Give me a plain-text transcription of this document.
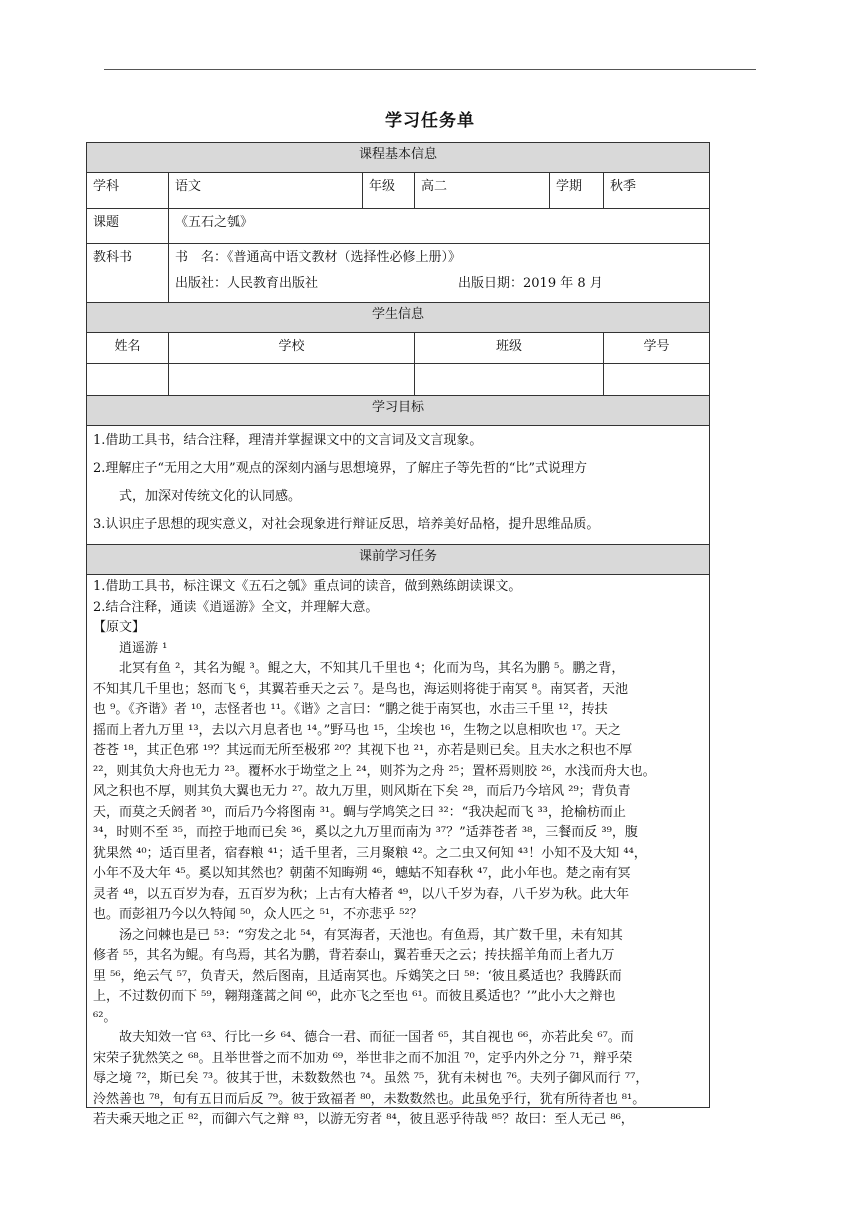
学习任务单
课程基本信息
学科	语文	年级	高二	学期	秋季
课题	《五石之瓠》
教科书	书　名：《普通高中语文教材（选择性必修上册）》
出版社：人民教育出版社	出版日期：2019 年 8 月
学生信息
姓名	学校	班级	学号
学习目标

1.借助工具书，结合注释，理清并掌握课文中的文言词及文言现象。

2.理解庄子“无用之大用”观点的深刻内涵与思想境界，了解庄子等先哲的“比”式说理方

式，加深对传统文化的认同感。

3.认识庄子思想的现实意义，对社会现象进行辩证反思，培养美好品格，提升思维品质。

课前学习任务

1.借助工具书，标注课文《五石之瓠》重点词的读音，做到熟练朗读课文。

2.结合注释，通读《逍遥游》全文，并理解大意。

【原文】

逍遥游 ¹

北冥有鱼 ²，其名为鲲 ³。鲲之大，不知其几千里也 ⁴；化而为鸟，其名为鹏 ⁵。鹏之背，

不知其几千里也；怒而飞 ⁶，其翼若垂天之云 ⁷。是鸟也，海运则将徙于南冥 ⁸。南冥者，天池

也 ⁹。《齐谐》者 ¹⁰，志怪者也 ¹¹。《谐》之言曰：“鹏之徙于南冥也，水击三千里 ¹²，抟扶

摇而上者九万里 ¹³，去以六月息者也 ¹⁴。”野马也 ¹⁵，尘埃也 ¹⁶，生物之以息相吹也 ¹⁷。天之

苍苍 ¹⁸，其正色邪 ¹⁹？其远而无所至极邪 ²⁰？其视下也 ²¹，亦若是则已矣。且夫水之积也不厚

²²，则其负大舟也无力 ²³。覆杯水于坳堂之上 ²⁴，则芥为之舟 ²⁵；置杯焉则胶 ²⁶，水浅而舟大也。

风之积也不厚，则其负大翼也无力 ²⁷。故九万里，则风斯在下矣 ²⁸，而后乃今培风 ²⁹；背负青

天，而莫之夭阏者 ³⁰，而后乃今将图南 ³¹。蜩与学鸠笑之曰 ³²：“我决起而飞 ³³，抢榆枋而止

³⁴，时则不至 ³⁵，而控于地而已矣 ³⁶，奚以之九万里而南为 ³⁷？”适莽苍者 ³⁸，三餐而反 ³⁹，腹

犹果然 ⁴⁰；适百里者，宿舂粮 ⁴¹；适千里者，三月聚粮 ⁴²。之二虫又何知 ⁴³！小知不及大知 ⁴⁴，

小年不及大年 ⁴⁵。奚以知其然也？朝菌不知晦朔 ⁴⁶，蟪蛄不知春秋 ⁴⁷，此小年也。楚之南有冥

灵者 ⁴⁸，以五百岁为春，五百岁为秋；上古有大椿者 ⁴⁹，以八千岁为春，八千岁为秋。此大年

也。而彭祖乃今以久特闻 ⁵⁰，众人匹之 ⁵¹，不亦悲乎 ⁵²？

汤之问棘也是已 ⁵³：“穷发之北 ⁵⁴，有冥海者，天池也。有鱼焉，其广数千里，未有知其

修者 ⁵⁵，其名为鲲。有鸟焉，其名为鹏，背若泰山，翼若垂天之云；抟扶摇羊角而上者九万

里 ⁵⁶，绝云气 ⁵⁷，负青天，然后图南，且适南冥也。斥鴳笑之曰 ⁵⁸：‘彼且奚适也？我腾跃而

上，不过数仞而下 ⁵⁹，翱翔蓬蒿之间 ⁶⁰，此亦飞之至也 ⁶¹。而彼且奚适也？’”此小大之辩也

⁶²。

故夫知效一官 ⁶³、行比一乡 ⁶⁴、德合一君、而征一国者 ⁶⁵，其自视也 ⁶⁶，亦若此矣 ⁶⁷。而

宋荣子犹然笑之 ⁶⁸。且举世誉之而不加劝 ⁶⁹，举世非之而不加沮 ⁷⁰，定乎内外之分 ⁷¹，辩乎荣

辱之境 ⁷²，斯已矣 ⁷³。彼其于世，未数数然也 ⁷⁴。虽然 ⁷⁵，犹有未树也 ⁷⁶。夫列子御风而行 ⁷⁷，

泠然善也 ⁷⁸，旬有五日而后反 ⁷⁹。彼于致福者 ⁸⁰，未数数然也。此虽免乎行，犹有所待者也 ⁸¹。

若夫乘天地之正 ⁸²，而御六气之辩 ⁸³，以游无穷者 ⁸⁴，彼且恶乎待哉 ⁸⁵？故曰：至人无己 ⁸⁶，
